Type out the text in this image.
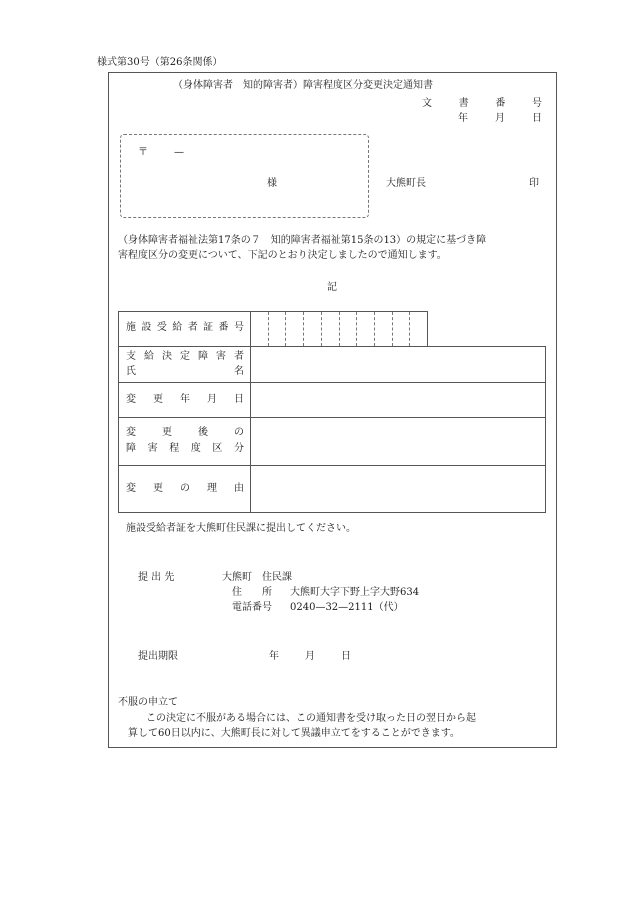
様式第30号（第26条関係）
（身体障害者　知的障害者）障害程度区分変更決定通知書
文	書	番	号
年	月	日
〒	—
様	大熊町長	印
（身体障害者福祉法第17条の７　知的障害者福祉第15条の13）の規定に基づき障
害程度区分の変更について、下記のとおり決定しましたので通知します。
記
施 設 受 給 者 証 番 号
支 給 決 定 障 害 者
氏	名
変 更 年 月 日
変	更	後	の
障 害 程 度 区 分
変 更 の 理 由
施設受給者証を大熊町住民課に提出してください。
提 出 先	大熊町　住民課
住　　所 大熊町大字下野上字大野634
電話番号 0240—32—2111（代）
提出期限	年	月	日
不服の申立て
この決定に不服がある場合には、この通知書を受け取った日の翌日から起
算して60日以内に、大熊町長に対して異議申立てをすることができます。
